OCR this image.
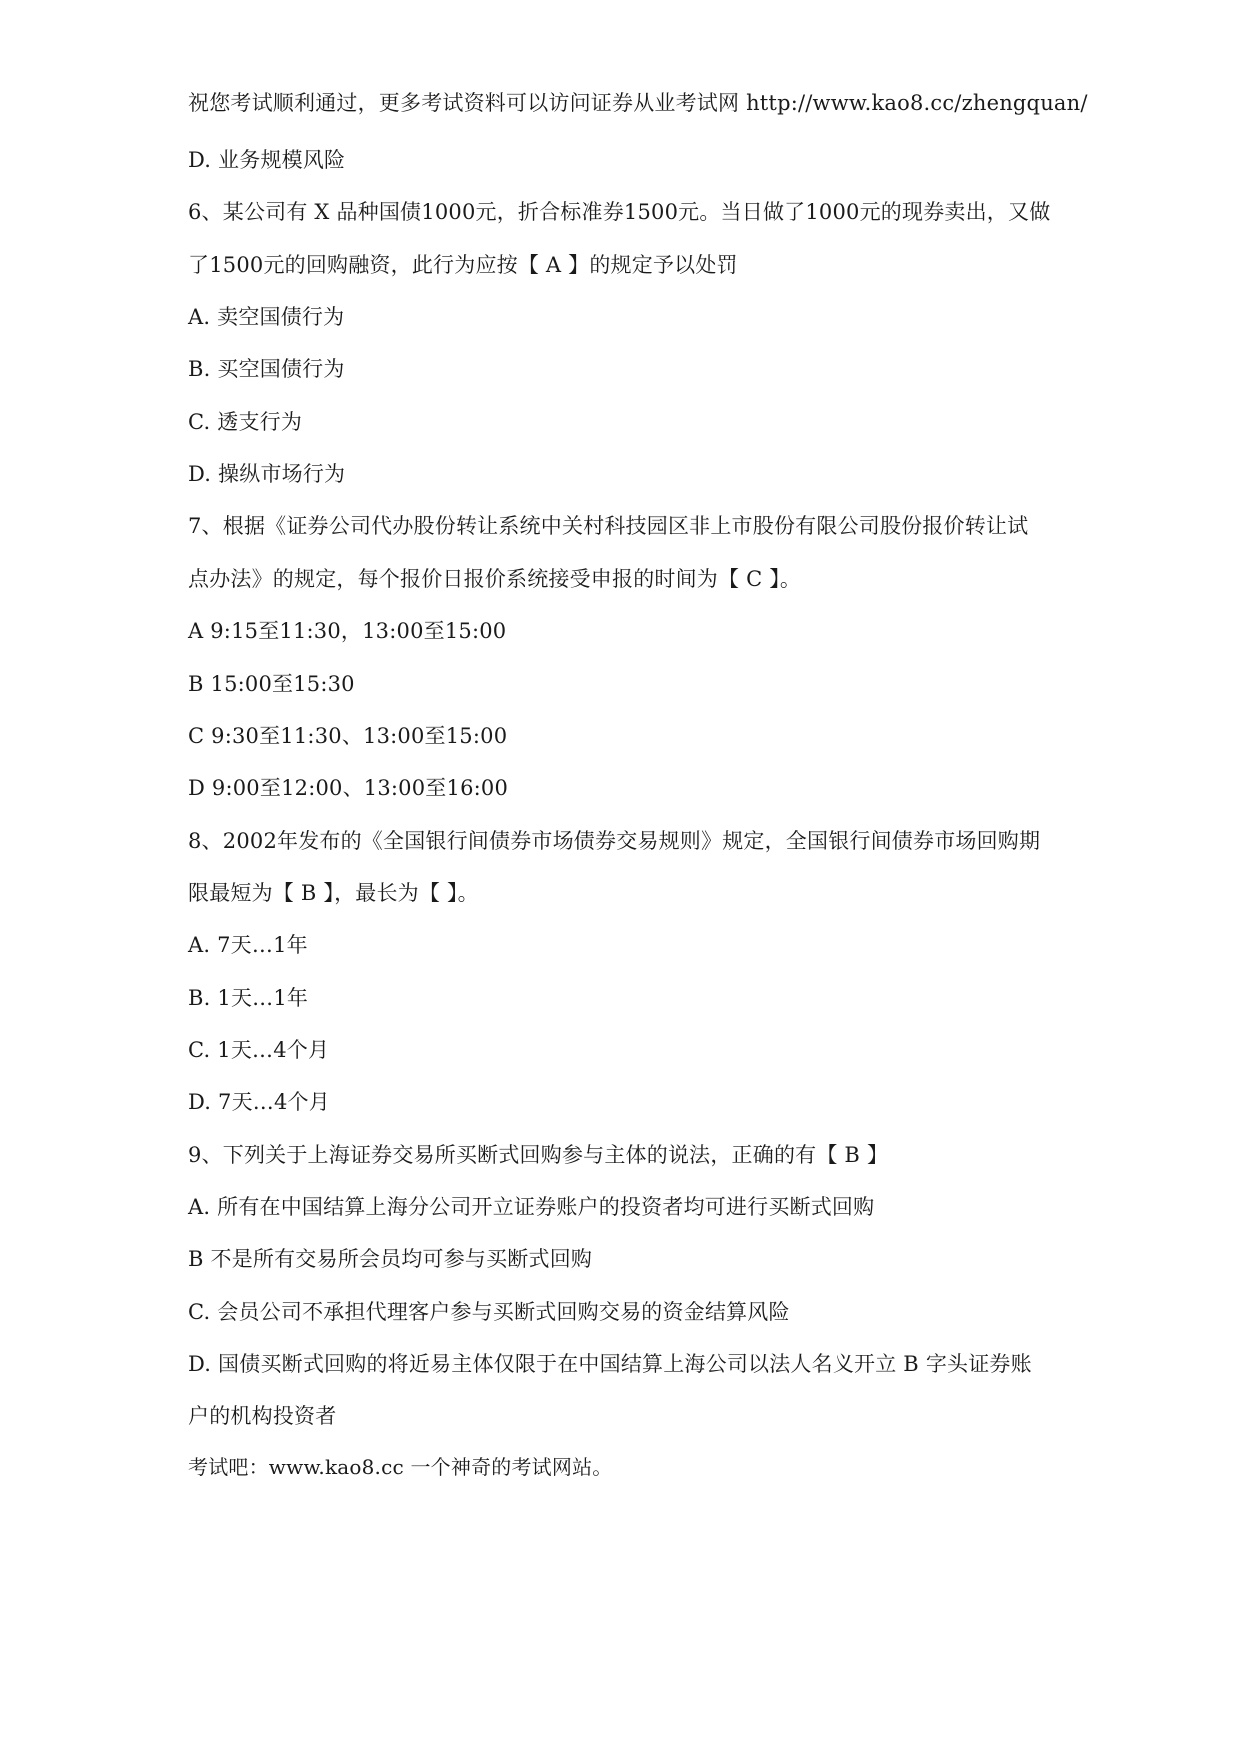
祝您考试顺利通过，更多考试资料可以访问证券从业考试网 http://www.kao8.cc/zhengquan/
D. 业务规模风险
6、某公司有 X 品种国债1000元，折合标准券1500元。当日做了1000元的现券卖出，又做
了1500元的回购融资，此行为应按【 A 】的规定予以处罚
A. 卖空国债行为
B. 买空国债行为
C. 透支行为
D. 操纵市场行为
7、根据《证券公司代办股份转让系统中关村科技园区非上市股份有限公司股份报价转让试
点办法》的规定，每个报价日报价系统接受申报的时间为【 C 】。
A 9:15至11:30，13:00至15:00
B 15:00至15:30
C 9:30至11:30、13:00至15:00
D 9:00至12:00、13:00至16:00
8、2002年发布的《全国银行间债券市场债券交易规则》规定，全国银行间债券市场回购期
限最短为【 B 】，最长为【 】。
A. 7天…1年
B. 1天…1年
C. 1天…4个月
D. 7天…4个月
9、下列关于上海证券交易所买断式回购参与主体的说法，正确的有【 B 】
A. 所有在中国结算上海分公司开立证券账户的投资者均可进行买断式回购
B 不是所有交易所会员均可参与买断式回购
C. 会员公司不承担代理客户参与买断式回购交易的资金结算风险
D. 国债买断式回购的将近易主体仅限于在中国结算上海公司以法人名义开立 B 字头证券账
户的机构投资者
考试吧：www.kao8.cc 一个神奇的考试网站。
